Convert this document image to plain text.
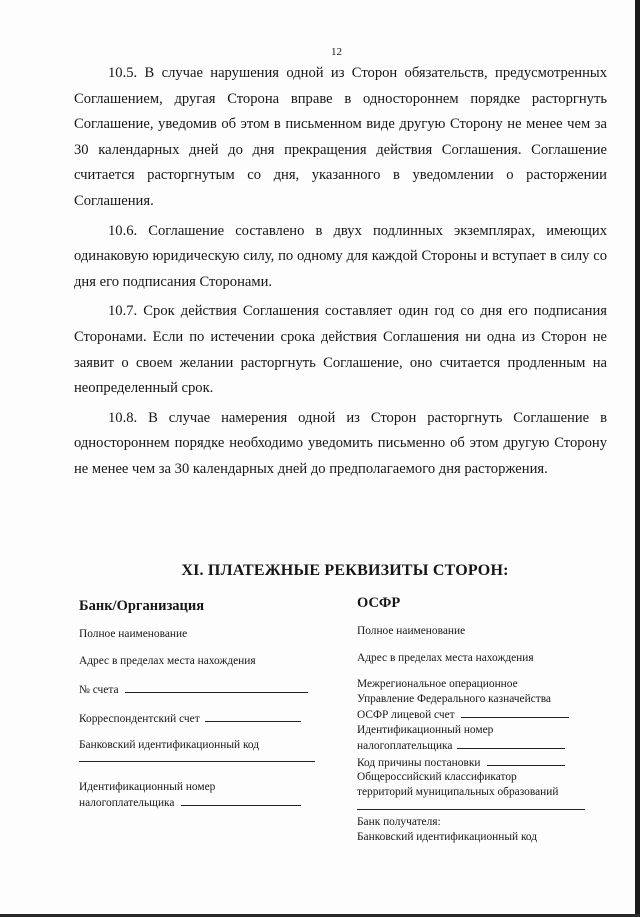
12

10.5. В случае нарушения одной из Сторон обязательств, предусмотренных Соглашением, другая Сторона вправе в одностороннем порядке расторгнуть Соглашение, уведомив об этом в письменном виде другую Сторону не менее чем за 30 календарных дней до дня прекращения действия Соглашения. Соглашение считается расторгнутым со дня, указанного в уведомлении о расторжении Соглашения.

10.6. Соглашение составлено в двух подлинных экземплярах, имеющих одинаковую юридическую силу, по одному для каждой Стороны и вступает в силу со дня его подписания Сторонами.

10.7. Срок действия Соглашения составляет один год со дня его подписания Сторонами. Если по истечении срока действия Соглашения ни одна из Сторон не заявит о своем желании расторгнуть Соглашение, оно считается продленным на неопределенный срок.

10.8. В случае намерения одной из Сторон расторгнуть Соглашение в одностороннем порядке необходимо уведомить письменно об этом другую Сторону не менее чем за 30 календарных дней до предполагаемого дня расторжения.

XI. ПЛАТЕЖНЫЕ РЕКВИЗИТЫ СТОРОН:
Банк/Организация
Полное наименование
Адрес в пределах места нахождения
№ счета
Корреспондентский счет
Банковский идентификационный код
Идентификационный номер
налогоплательщика
ОСФР
Полное наименование
Адрес в пределах места нахождения
Межрегиональное операционное
Управление Федерального казначейства
ОСФР лицевой счет
Идентификационный номер
налогоплательщика
Код причины постановки
Общероссийский классификатор
территорий муниципальных образований
Банк получателя:
Банковский идентификационный код
